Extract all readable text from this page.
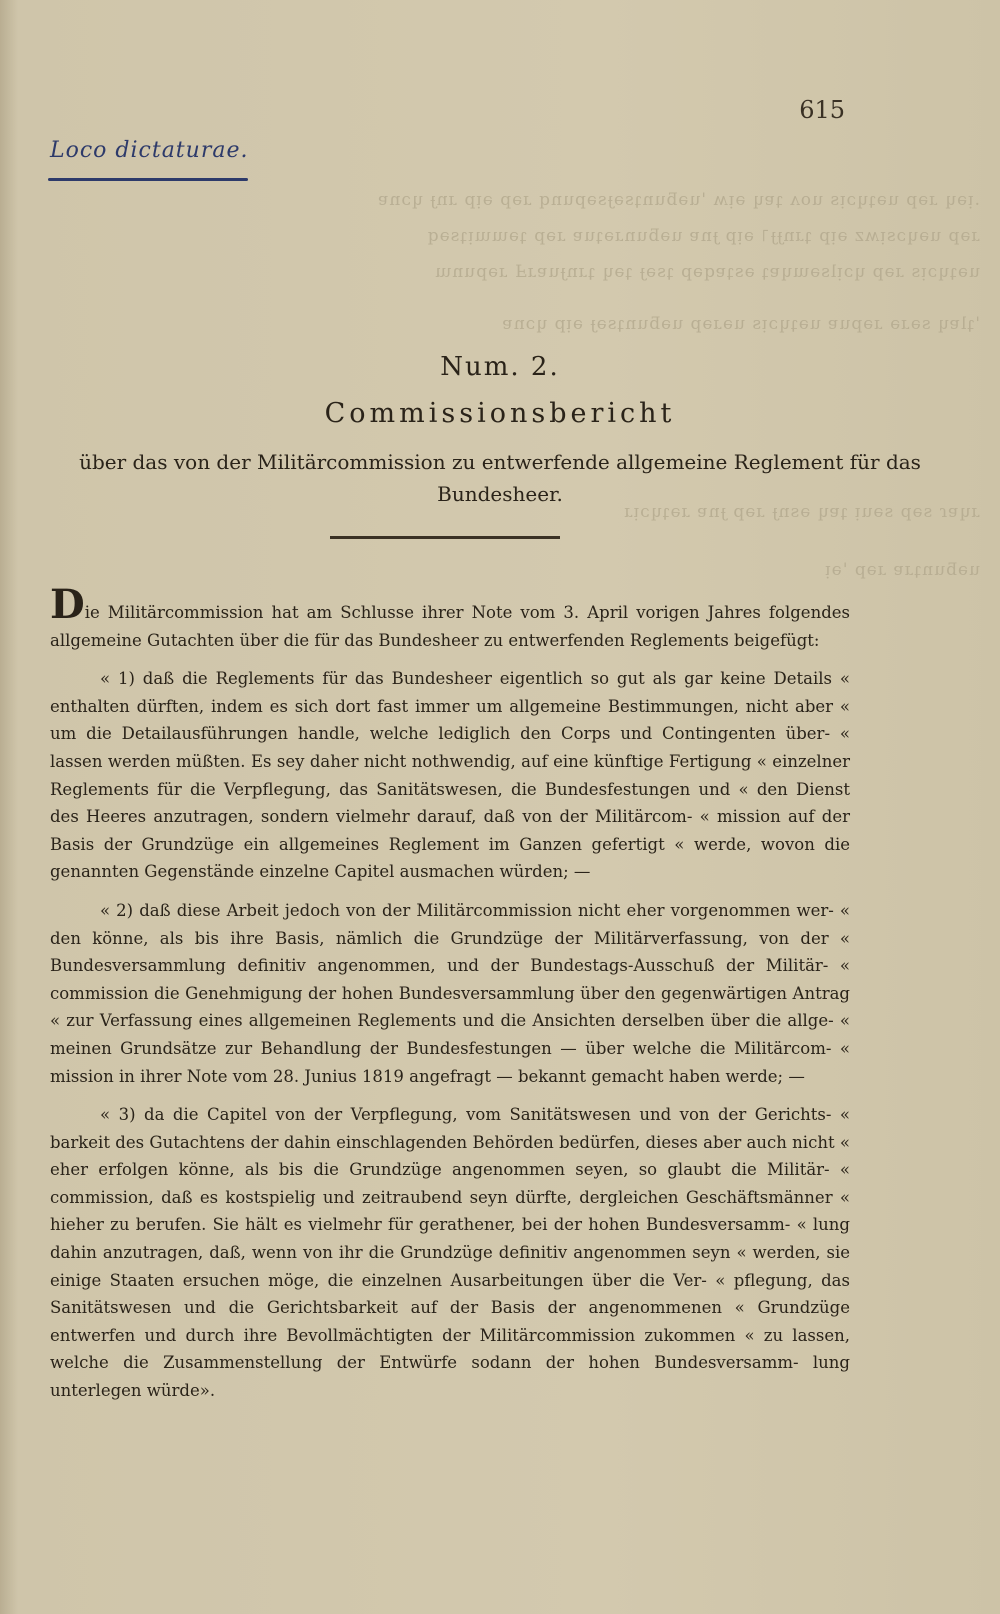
.ᴉǝɥ ɹǝp uǝʇɥɔᴉs uoʌ ʇɐɥ ǝᴉʍ 'uǝƃunʇsǝɟsǝpunq ɹǝp ǝᴉp ɹnɟ ɥɔnɐ
ɹǝp uǝɥɔsᴉʍz ǝᴉp ʇɹnɟɟ˥ ǝᴉp ɟnɐ uǝƃunɹǝʇuɐ ɹǝp ʇǝɯɯᴉʇsǝq
uǝʇɥɔᴉs ɹǝp ɥɔᴉlsǝɯɥɐʇ ǝsʇɐqǝp ʇsǝɟ ʇǝɥ ʇɹnɟuɐɹℲ ɹǝpunɯ
'ʇlɐɥ sǝɹǝ ɹǝpuɐ uǝʇɥɔᴉs uǝɹǝp uǝƃunʇsǝɟ ǝᴉp ɥɔnɐ
ɹɥɐɾ sǝp sǝuᴉ ʇɐɥ ǝsnɟ ɹǝp ɟnɐ ɹǝʇɥɔᴉɹ
uǝƃunʇɹɐ ɹǝp 'ǝᴉ
615
Loco dictaturae.
Num. 2.
Commissionsbericht
über das von der Militärcommission zu entwerfende allgemeine Reglement für das Bundesheer.

Die Militärcommission hat am Schlusse ihrer Note vom 3. April vorigen Jahres folgendes allgemeine Gutachten über die für das Bundesheer zu entwerfenden Reglements beigefügt:

« 1) daß die Reglements für das Bundesheer eigentlich so gut als gar keine Details « enthalten dürften, indem es sich dort fast immer um allgemeine Bestimmungen, nicht aber « um die Detailausführungen handle, welche lediglich den Corps und Contingenten über- « lassen werden müßten. Es sey daher nicht nothwendig, auf eine künftige Fertigung « einzelner Reglements für die Verpflegung, das Sanitätswesen, die Bundesfestungen und « den Dienst des Heeres anzutragen, sondern vielmehr darauf, daß von der Militärcom- « mission auf der Basis der Grundzüge ein allgemeines Reglement im Ganzen gefertigt « werde, wovon die genannten Gegenstände einzelne Capitel ausmachen würden; —

« 2) daß diese Arbeit jedoch von der Militärcommission nicht eher vorgenommen wer- « den könne, als bis ihre Basis, nämlich die Grundzüge der Militärverfassung, von der « Bundesversammlung definitiv angenommen, und der Bundestags-Ausschuß der Militär- « commission die Genehmigung der hohen Bundesversammlung über den gegenwärtigen Antrag « zur Verfassung eines allgemeinen Reglements und die Ansichten derselben über die allge- « meinen Grundsätze zur Behandlung der Bundesfestungen — über welche die Militärcom- « mission in ihrer Note vom 28. Junius 1819 angefragt — bekannt gemacht haben werde; —

« 3) da die Capitel von der Verpflegung, vom Sanitätswesen und von der Gerichts- « barkeit des Gutachtens der dahin einschlagenden Behörden bedürfen, dieses aber auch nicht « eher erfolgen könne, als bis die Grundzüge angenommen seyen, so glaubt die Militär- « commission, daß es kostspielig und zeitraubend seyn dürfte, dergleichen Geschäftsmänner « hieher zu berufen. Sie hält es vielmehr für gerathener, bei der hohen Bundesversamm- « lung dahin anzutragen, daß, wenn von ihr die Grundzüge definitiv angenommen seyn « werden, sie einige Staaten ersuchen möge, die einzelnen Ausarbeitungen über die Ver- « pflegung, das Sanitätswesen und die Gerichtsbarkeit auf der Basis der angenommenen « Grundzüge entwerfen und durch ihre Bevollmächtigten der Militärcommission zukommen « zu lassen, welche die Zusammenstellung der Entwürfe sodann der hohen Bundesversamm- lung unterlegen würde».
